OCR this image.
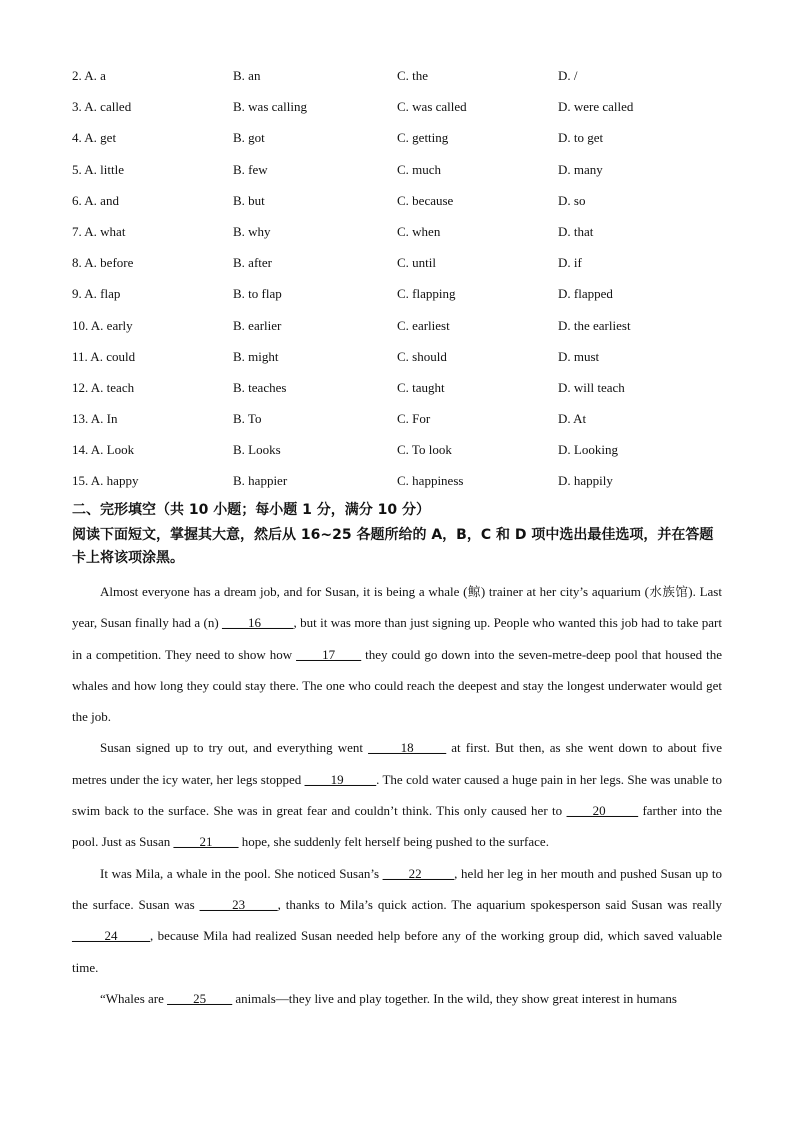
2. A. a	B. an	C. the	D. /
3. A. called	B. was calling	C. was called	D. were called
4. A. get	B. got	C. getting	D. to get
5. A. little	B. few	C. much	D. many
6. A. and	B. but	C. because	D. so
7. A. what	B. why	C. when	D. that
8. A. before	B. after	C. until	D. if
9. A. flap	B. to flap	C. flapping	D. flapped
10. A. early	B. earlier	C. earliest	D. the earliest
11. A. could	B. might	C. should	D. must
12. A. teach	B. teaches	C. taught	D. will teach
13. A. In	B. To	C. For	D. At
14. A. Look	B. Looks	C. To look	D. Looking
15. A. happy	B. happier	C. happiness	D. happily
二、完形填空（共 10 小题；每小题 1 分，满分 10 分）
阅读下面短文，掌握其大意，然后从 16~25 各题所给的 A，B，C 和 D 项中选出最佳选项，并在答题卡上将该项涂黑。

Almost everyone has a dream job, and for Susan, it is being a whale (鲸) trainer at her city’s aquarium (水族馆). Last year, Susan finally had a (n) ____16_____, but it was more than just signing up. People who wanted this job had to take part in a competition. They need to show how ____17____ they could go down into the seven-metre-deep pool that housed the whales and how long they could stay there. The one who could reach the deepest and stay the longest underwater would get the job.

Susan signed up to try out, and everything went _____18_____ at first. But then, as she went down to about five metres under the icy water, her legs stopped ____19_____. The cold water caused a huge pain in her legs. She was unable to swim back to the surface. She was in great fear and couldn’t think. This only caused her to ____20_____ farther into the pool. Just as Susan ____21____ hope, she suddenly felt herself being pushed to the surface.

It was Mila, a whale in the pool. She noticed Susan’s ____22_____, held her leg in her mouth and pushed Susan up to the surface. Susan was _____23_____, thanks to Mila’s quick action. The aquarium spokesperson said Susan was really _____24_____, because Mila had realized Susan needed help before any of the working group did, which saved valuable time.

“Whales are ____25____ animals—they live and play together. In the wild, they show great interest in humans
